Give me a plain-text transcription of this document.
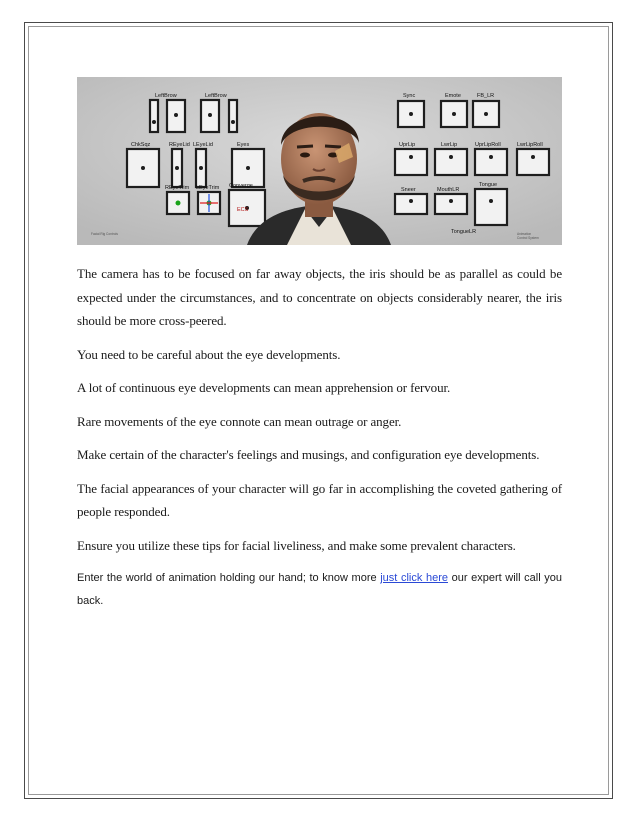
LeftBrow	LeftBrow
ChkSqz	REyeLid LEyeLid	Eyes
REyeTrim LEyeTrim Converge
ECS
Sync	Emote	FB_LR
UprLip	LwrLip	UprLipRoll	LwrLipRoll
Sneer	MouthLR
Tongue
TongueLR
Facial Rig Controls	Animation
Control System

The camera has to be focused on far away objects, the iris should be as parallel as could be expected under the circumstances, and to concentrate on objects considerably nearer, the iris should be more cross-peered.

You need to be careful about the eye developments.

A lot of continuous eye developments can mean apprehension or fervour.

Rare movements of the eye connote can mean outrage or anger.

Make certain of the character's feelings and musings, and configuration eye developments.

The facial appearances of your character will go far in accomplishing the coveted gathering of people responded.

Ensure you utilize these tips for facial liveliness, and make some prevalent characters.

Enter the world of animation holding our hand; to know more just click here our expert will call you back.
